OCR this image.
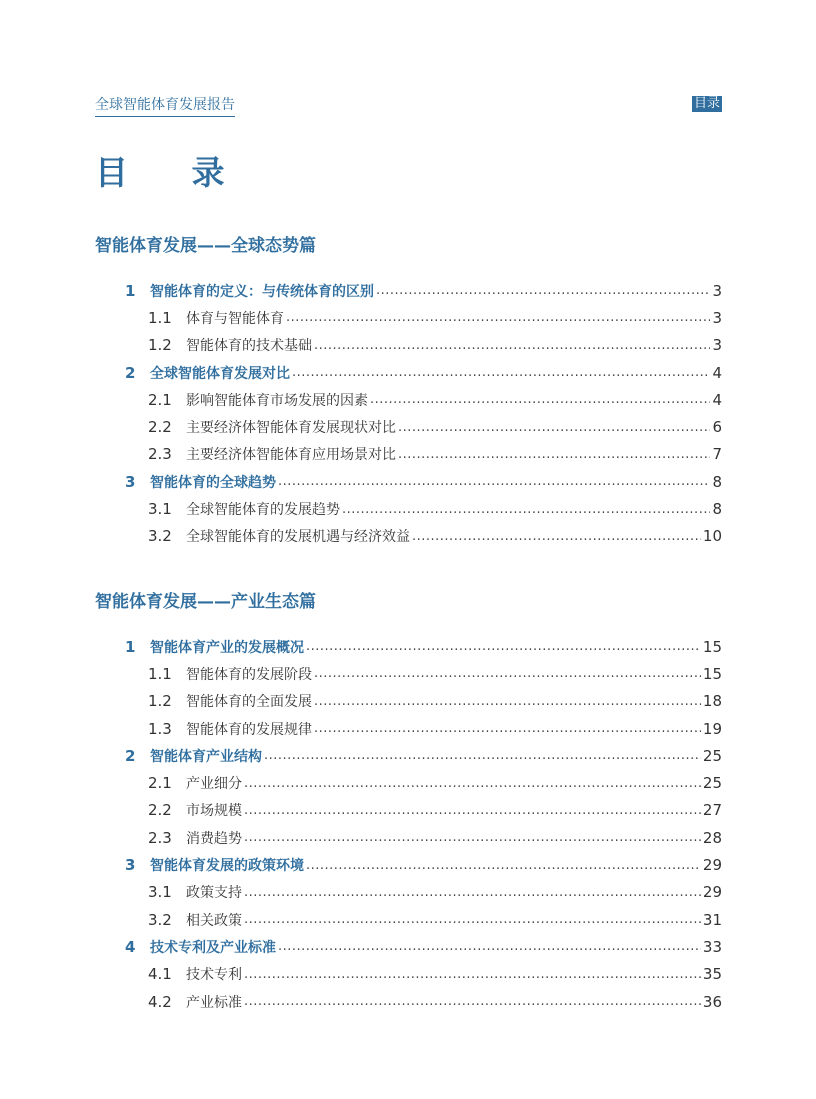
全球智能体育发展报告	目录
目 录
智能体育发展——全球态势篇
1	智能体育的定义：与传统体育的区别 .....	3
1.1	体育与智能体育 .....	3
1.2	智能体育的技术基础 .....	3
2	全球智能体育发展对比 .....	4
2.1	影响智能体育市场发展的因素 .....	4
2.2	主要经济体智能体育发展现状对比 .....	6
2.3	主要经济体智能体育应用场景对比 .....	7
3	智能体育的全球趋势 .....	8
3.1	全球智能体育的发展趋势 .....	8
3.2	全球智能体育的发展机遇与经济效益 .....	10
智能体育发展——产业生态篇
1	智能体育产业的发展概况 .....	15
1.1	智能体育的发展阶段 .....	15
1.2	智能体育的全面发展 .....	18
1.3	智能体育的发展规律 .....	19
2	智能体育产业结构 .....	25
2.1	产业细分 .....	25
2.2	市场规模 .....	27
2.3	消费趋势 .....	28
3	智能体育发展的政策环境 .....	29
3.1	政策支持 .....	29
3.2	相关政策 .....	31
4	技术专利及产业标准 .....	33
4.1	技术专利 .....	35
4.2	产业标准 .....	36
